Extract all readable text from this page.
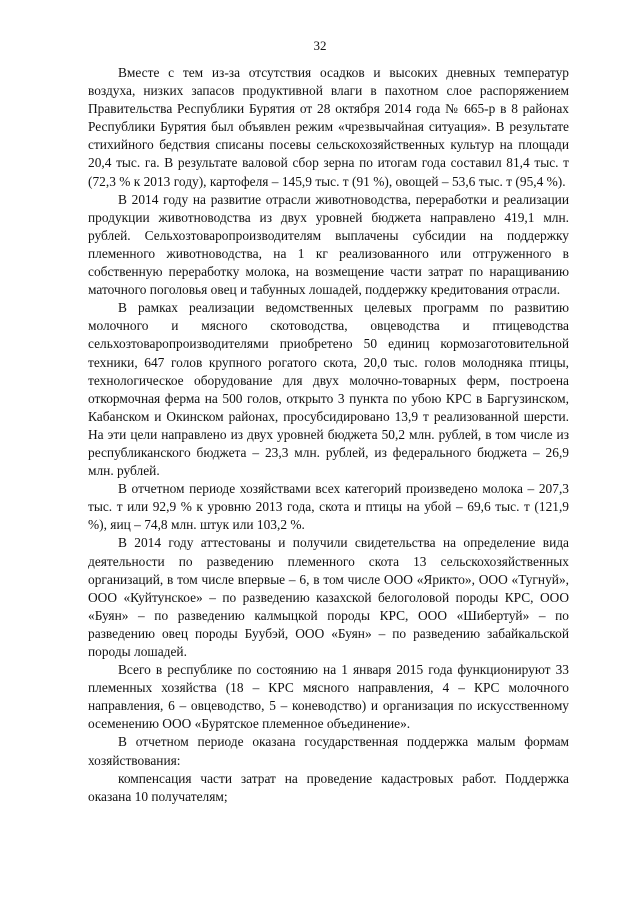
32

Вместе с тем из-за отсутствия осадков и высоких дневных температур воздуха, низких запасов продуктивной влаги в пахотном слое распоряжением Правительства Республики Бурятия от 28 октября 2014 года № 665-р в 8 районах Республики Бурятия был объявлен режим «чрезвычайная ситуация». В результате стихийного бедствия списаны посевы сельскохозяйственных культур на площади 20,4 тыс. га. В результате валовой сбор зерна по итогам года составил 81,4 тыс. т (72,3 % к 2013 году), картофеля – 145,9 тыс. т (91 %), овощей – 53,6 тыс. т (95,4 %).

В 2014 году на развитие отрасли животноводства, переработки и реализации продукции животноводства из двух уровней бюджета направлено 419,1 млн. рублей. Сельхозтоваропроизводителям выплачены субсидии на поддержку племенного животноводства, на 1 кг реализованного или отгруженного в собственную переработку молока, на возмещение части затрат по наращиванию маточного поголовья овец и табунных лошадей, поддержку кредитования отрасли.

В рамках реализации ведомственных целевых программ по развитию молочного и мясного скотоводства, овцеводства и птицеводства сельхозтоваропроизводителями приобретено 50 единиц кормозаготовительной техники, 647 голов крупного рогатого скота, 20,0 тыс. голов молодняка птицы, технологическое оборудование для двух молочно-товарных ферм, построена откормочная ферма на 500 голов, открыто 3 пункта по убою КРС в Баргузинском, Кабанском и Окинском районах, просубсидировано 13,9 т реализованной шерсти. На эти цели направлено из двух уровней бюджета 50,2 млн. рублей, в том числе из республиканского бюджета – 23,3 млн. рублей, из федерального бюджета – 26,9 млн. рублей.

В отчетном периоде хозяйствами всех категорий произведено молока – 207,3 тыс. т или 92,9 % к уровню 2013 года, скота и птицы на убой – 69,6 тыс. т (121,9 %), яиц – 74,8 млн. штук или 103,2 %.

В 2014 году аттестованы и получили свидетельства на определение вида деятельности по разведению племенного скота 13 сельскохозяйственных организаций, в том числе впервые – 6, в том числе ООО «Ярикто», ООО «Тугнуй», ООО «Куйтунское» – по разведению казахской белоголовой породы КРС, ООО «Буян» – по разведению калмыцкой породы КРС, ООО «Шибертуй» – по разведению овец породы Буубэй, ООО «Буян» – по разведению забайкальской породы лошадей.

Всего в республике по состоянию на 1 января 2015 года функционируют 33 племенных хозяйства (18 – КРС мясного направления, 4 – КРС молочного направления, 6 – овцеводство, 5 – коневодство) и организация по искусственному осеменению ООО «Бурятское племенное объединение».

В отчетном периоде оказана государственная поддержка малым формам хозяйствования:

компенсация части затрат на проведение кадастровых работ. Поддержка оказана 10 получателям;
